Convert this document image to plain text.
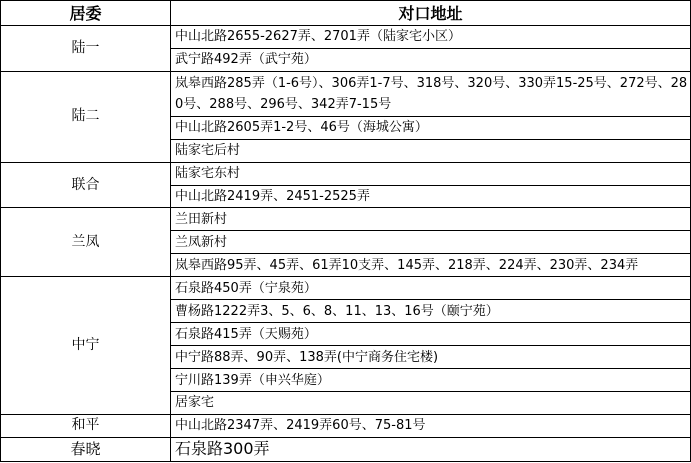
居委	对口地址
陆一	中山北路2655-2627弄、2701弄（陆家宅小区）
	武宁路492弄（武宁苑）
陆二	岚皋西路285弄（1-6号）、306弄1-7号、318号、320号、330弄15-25号、272号、280号、288号、296号、342弄7-15号
	中山北路2605弄1-2号、46号（海城公寓）
	陆家宅后村
联合	陆家宅东村
	中山北路2419弄、2451-2525弄
兰凤	兰田新村
	兰凤新村
	岚皋西路95弄、45弄、61弄10支弄、145弄、218弄、224弄、230弄、234弄
中宁	石泉路450弄（宁泉苑）
	曹杨路1222弄3、5、6、8、11、13、16号（颐宁苑）
	石泉路415弄（天赐苑）
	中宁路88弄、90弄、138弄(中宁商务住宅楼)
	宁川路139弄（申兴华庭）
	居家宅
和平	中山北路2347弄、2419弄60号、75-81号
春晓	石泉路300弄
